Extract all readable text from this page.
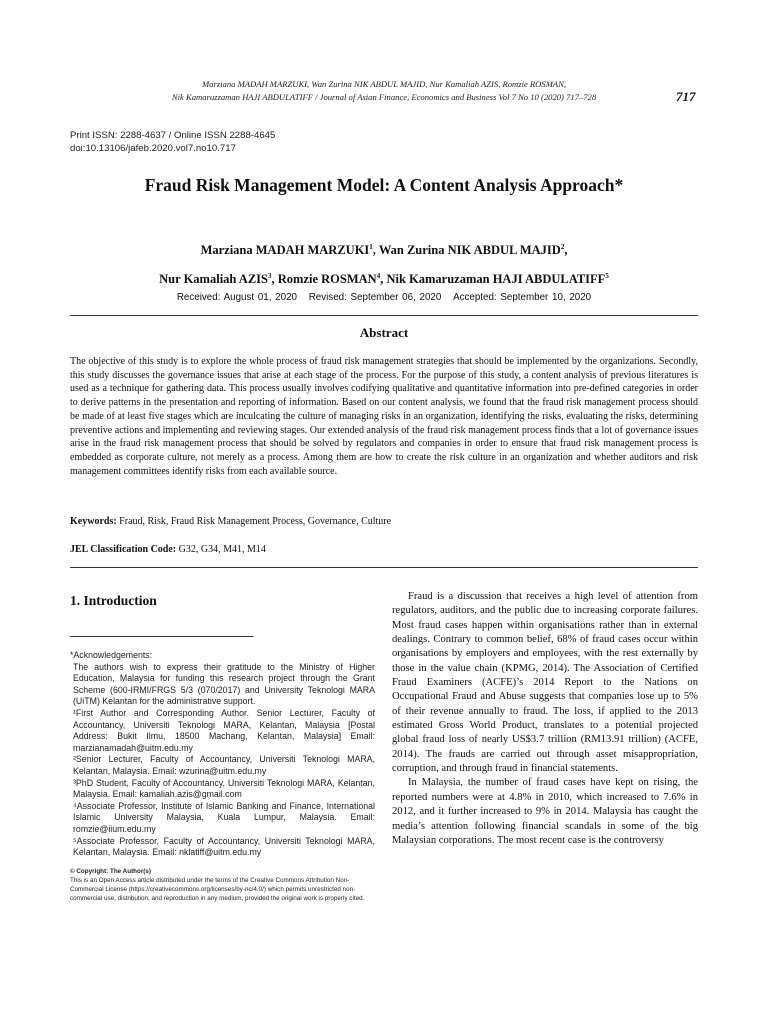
Marziana MADAH MARZUKI, Wan Zurina NIK ABDUL MAJID, Nur Kamaliah AZIS, Romzie ROSMAN,
Nik Kamaruzzaman HAJI ABDULATIFF / Journal of Asian Finance, Economics and Business Vol 7 No 10 (2020) 717–728	717
Print ISSN: 2288-4637 / Online ISSN 2288-4645
doi:10.13106/jafeb.2020.vol7.no10.717
Fraud Risk Management Model: A Content Analysis Approach*
Marziana MADAH MARZUKI$^1$, Wan Zurina NIK ABDUL MAJID$^2$,
Nur Kamaliah AZIS$^3$, Romzie ROSMAN$^4$, Nik Kamaruzaman HAJI ABDULATIFF$^5$
Received: August 01, 2020 Revised: September 06, 2020 Accepted: September 10, 2020
Abstract
The objective of this study is to explore the whole process of fraud risk management strategies that should be implemented by the organizations. Secondly, this study discusses the governance issues that arise at each stage of the process. For the purpose of this study, a content analysis of previous literatures is used as a technique for gathering data. This process usually involves codifying qualitative and quantitative information into pre-defined categories in order to derive patterns in the presentation and reporting of information. Based on our content analysis, we found that the fraud risk management process should be made of at least five stages which are inculcating the culture of managing risks in an organization, identifying the risks, evaluating the risks, determining preventive actions and implementing and reviewing stages. Our extended analysis of the fraud risk management process finds that a lot of governance issues arise in the fraud risk management process that should be solved by regulators and companies in order to ensure that fraud risk management process is embedded as corporate culture, not merely as a process. Among them are how to create the risk culture in an organization and whether auditors and risk management committees identify risks from each available source.
Keywords: Fraud, Risk, Fraud Risk Management Process, Governance, Culture
JEL Classification Code: G32, G34, M41, M14
1. Introduction

*Acknowledgements:

The authors wish to express their gratitude to the Ministry of Higher Education, Malaysia for funding this research project through the Grant Scheme (600-IRMI/FRGS 5/3 (070/2017) and University Teknologi MARA (UiTM) Kelantan for the administrative support.

¹First Author and Corresponding Author. Senior Lecturer, Faculty of Accountancy, Universiti Teknologi MARA, Kelantan, Malaysia [Postal Address: Bukit Ilmu, 18500 Machang, Kelantan, Malaysia] Email: marzianamadah@uitm.edu.my

²Senior Lecturer, Faculty of Accountancy, Universiti Teknologi MARA, Kelantan, Malaysia. Email: wzurina@uitm.edu.my

³PhD Student, Faculty of Accountancy, Universiti Teknologi MARA, Kelantan, Malaysia. Email: kamaliah.azis@gmail.com

⁴Associate Professor, Institute of Islamic Banking and Finance, International Islamic University Malaysia, Kuala Lumpur, Malaysia. Email: romzie@iium.edu.my

⁵Associate Professor, Faculty of Accountancy, Universiti Teknologi MARA, Kelantan, Malaysia. Email: nklatiff@uitm.edu.my

© Copyright: The Author(s)
This is an Open Access article distributed under the terms of the Creative Commons Attribution Non-Commercial License (https://creativecommons.org/licenses/by-nc/4.0/) which permits unrestricted non-commercial use, distribution, and reproduction in any medium, provided the original work is properly cited.

Fraud is a discussion that receives a high level of attention from regulators, auditors, and the public due to increasing corporate failures. Most fraud cases happen within organisations rather than in external dealings. Contrary to common belief, 68% of fraud cases occur within organisations by employers and employees, with the rest externally by those in the value chain (KPMG, 2014). The Association of Certified Fraud Examiners (ACFE)’s 2014 Report to the Nations on Occupational Fraud and Abuse suggests that companies lose up to 5% of their revenue annually to fraud. The loss, if applied to the 2013 estimated Gross World Product, translates to a potential projected global fraud loss of nearly US$3.7 trillion (RM13.91 trillion) (ACFE, 2014). The frauds are carried out through asset misappropriation, corruption, and through fraud in financial statements.

In Malaysia, the number of fraud cases have kept on rising, the reported numbers were at 4.8% in 2010, which increased to 7.6% in 2012, and it further increased to 9% in 2014. Malaysia has caught the media’s attention following financial scandals in some of the big Malaysian corporations. The most recent case is the controversy
